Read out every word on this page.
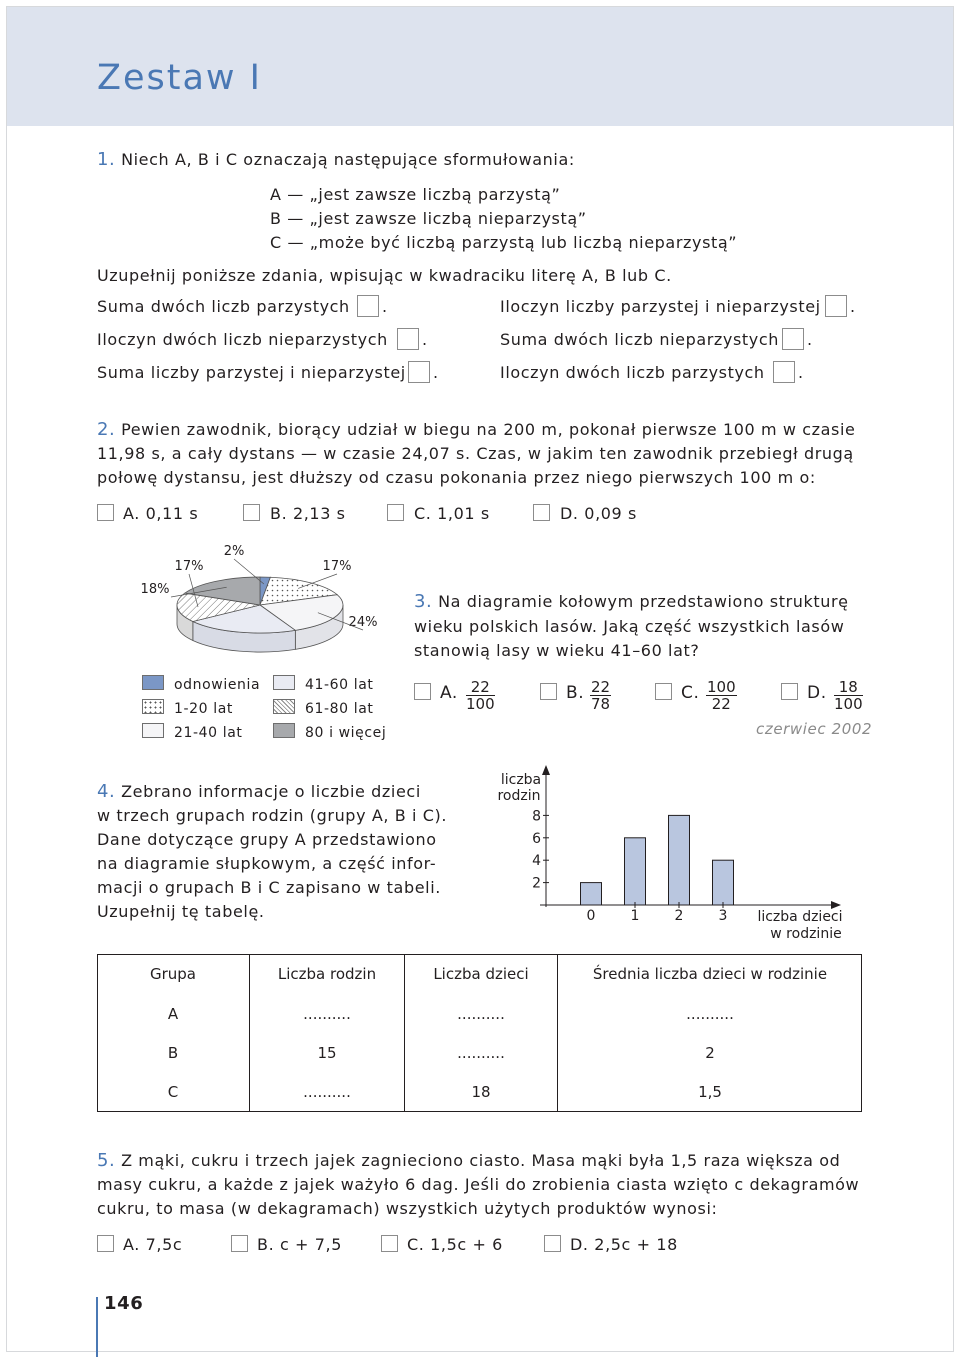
Zestaw I
1. Niech A, B i C oznaczają następujące sformułowania:
A — „jest zawsze liczbą parzystą”
B — „jest zawsze liczbą nieparzystą”
C — „może być liczbą parzystą lub liczbą nieparzystą”
Uzupełnij poniższe zdania, wpisując w kwadraciku literę A, B lub C.
Suma dwóch liczb parzystych .
Iloczyn dwóch liczb nieparzystych .
Suma liczby parzystej i nieparzystej .
Iloczyn liczby parzystej i nieparzystej .
Suma dwóch liczb nieparzystych .
Iloczyn dwóch liczb parzystych .
2. Pewien zawodnik, biorący udział w biegu na 200 m, pokonał pierwsze 100 m w czasie
11,98 s, a cały dystans — w czasie 24,07 s. Czas, w jakim ten zawodnik przebiegł drugą
połowę dystansu, jest dłuższy od czasu pokonania przez niego pierwszych 100 m o:
A. 0,11 s	B. 2,13 s	C. 1,01 s	D. 0,09 s
2%
17%
24%
18%
17%
odnowienia
1-20 lat
21-40 lat
41-60 lat
61-80 lat
80 i więcej
3. Na diagramie kołowym przedstawiono strukturę
wieku polskich lasów. Jaką część wszystkich lasów
stanowią lasy w wieku 41–60 lat?
A. $\frac{22}{100}$	B. $\frac{22}{78}$	C. $\frac{100}{22}$	D. $\frac{18}{100}$
czerwiec 2002
4. Zebrano informacje o liczbie dzieci
w trzech grupach rodzin (grupy A, B i C).
Dane dotyczące grupy A przedstawiono
na diagramie słupkowym, a część infor-
macji o grupach B i C zapisano w tabeli.
Uzupełnij tę tabelę.
liczba
rodzin
0	1	2	3
2
4
6
8
liczba dzieci
w rodzinie
Grupa	Liczba rodzin	Liczba dzieci	Średnia liczba dzieci w rodzinie
A	..........	..........	..........
B	15	..........	2
C	..........	18	1,5
5. Z mąki, cukru i trzech jajek zagnieciono ciasto. Masa mąki była 1,5 raza większa od
masy cukru, a każde z jajek ważyło 6 dag. Jeśli do zrobienia ciasta wzięto c dekagramów
cukru, to masa (w dekagramach) wszystkich użytych produktów wynosi:
A. 7,5c	B. c + 7,5	C. 1,5c + 6	D. 2,5c + 18
146
